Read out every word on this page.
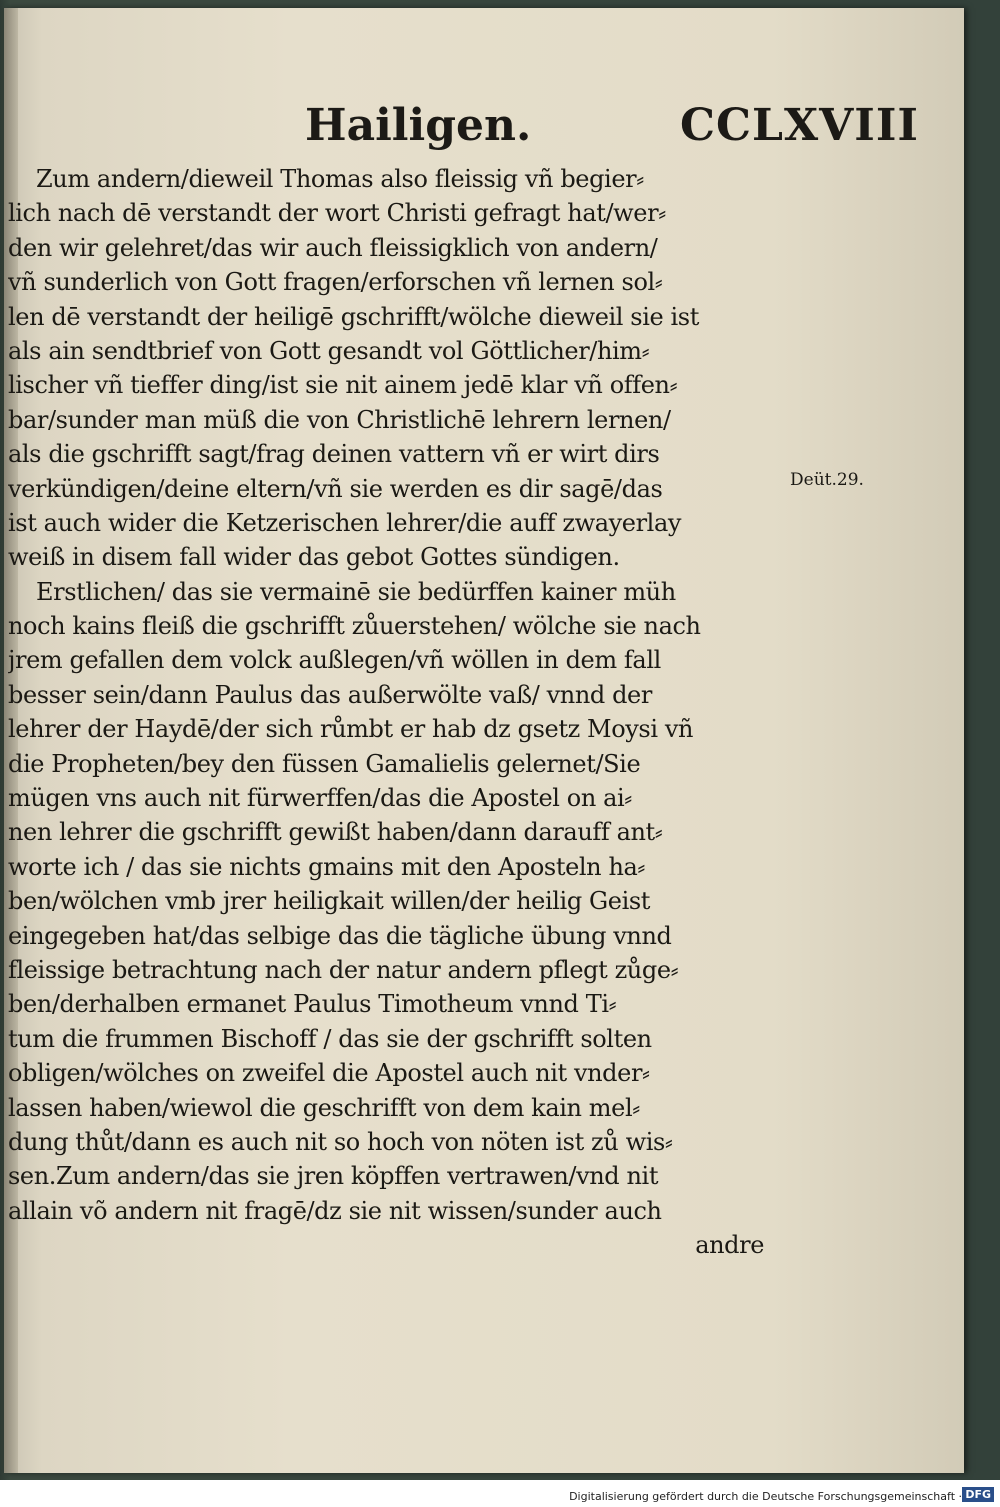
Hailigen.	CCLXVIII
Zum andern/dieweil Thomas also fleissig vñ begier⸗
lich nach dē verstandt der wort Christi gefragt hat/wer⸗
den wir gelehret/das wir auch fleissigklich von andern/
vñ sunderlich von Gott fragen/erforschen vñ lernen sol⸗
len dē verstandt der heiligē gschrifft/wölche dieweil sie ist
als ain sendtbrief von Gott gesandt vol Göttlicher/him⸗
lischer vñ tieffer ding/ist sie nit ainem jedē klar vñ offen⸗
bar/sunder man müß die von Christlichē lehrern lernen/
als die gschrifft sagt/frag deinen vattern vñ er wirt dirs
verkündigen/deine eltern/vñ sie werden es dir sagē/das
ist auch wider die Ketzerischen lehrer/die auff zwayerlay
weiß in disem fall wider das gebot Gottes sündigen.
Erstlichen/ das sie vermainē sie bedürffen kainer müh
noch kains fleiß die gschrifft zůuerstehen/ wölche sie nach
jrem gefallen dem volck außlegen/vñ wöllen in dem fall
besser sein/dann Paulus das außerwölte vaß/ vnnd der
lehrer der Haydē/der sich růmbt er hab dz gsetz Moysi vñ
die Propheten/bey den füssen Gamalielis gelernet/Sie
mügen vns auch nit fürwerffen/das die Apostel on ai⸗
nen lehrer die gschrifft gewißt haben/dann darauff ant⸗
worte ich / das sie nichts gmains mit den Aposteln ha⸗
ben/wölchen vmb jrer heiligkait willen/der heilig Geist
eingegeben hat/das selbige das die tägliche übung vnnd
fleissige betrachtung nach der natur andern pflegt zůge⸗
ben/derhalben ermanet Paulus Timotheum vnnd Ti⸗
tum die frummen Bischoff / das sie der gschrifft solten
obligen/wölches on zweifel die Apostel auch nit vnder⸗
lassen haben/wiewol die geschrifft von dem kain mel⸗
dung thůt/dann es auch nit so hoch von nöten ist zů wis⸗
sen.Zum andern/das sie jren köpffen vertrawen/vnd nit
allain võ andern nit fragē/dz sie nit wissen/sunder auch
andre
Deüt.29.
Digitalisierung gefördert durch die Deutsche Forschungsgemeinschaft · DFG
